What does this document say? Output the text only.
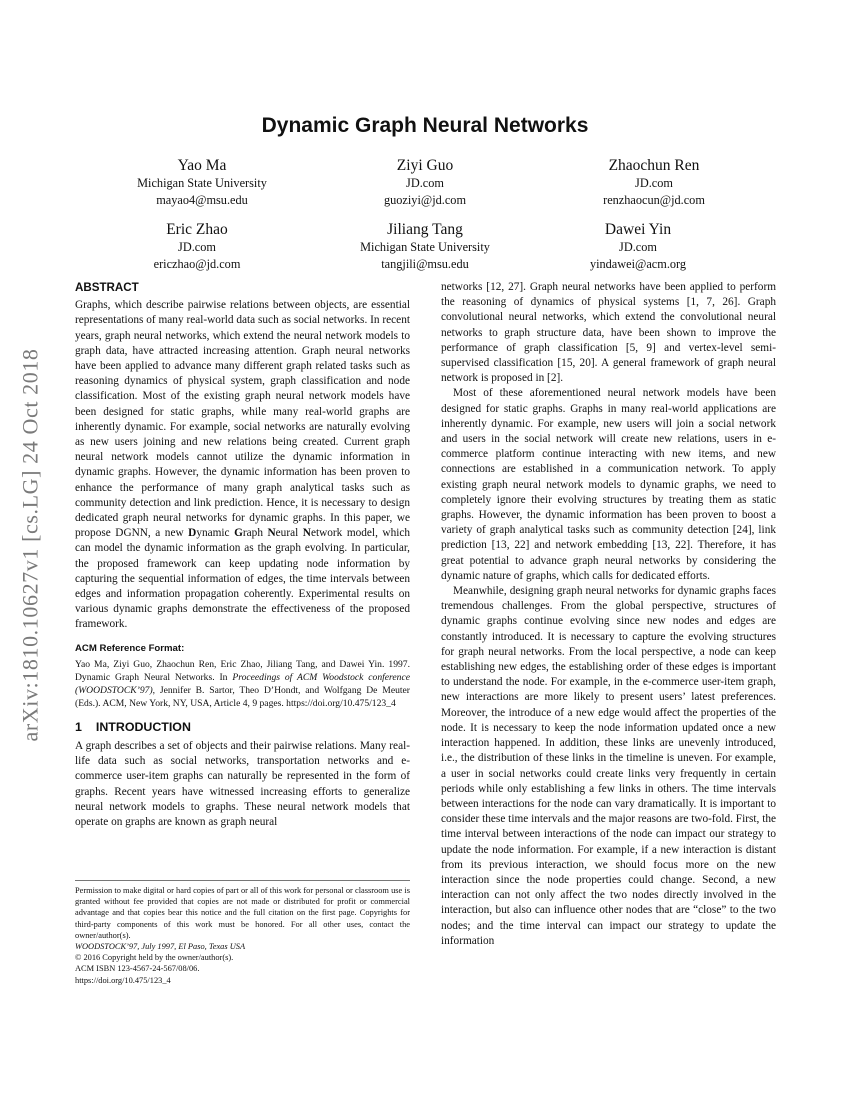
arXiv:1810.10627v1 [cs.LG] 24 Oct 2018
Dynamic Graph Neural Networks
Yao Ma
Michigan State University
mayao4@msu.edu
Ziyi Guo
JD.com
guoziyi@jd.com
Zhaochun Ren
JD.com
renzhaocun@jd.com
Eric Zhao
JD.com
ericzhao@jd.com
Jiliang Tang
Michigan State University
tangjili@msu.edu
Dawei Yin
JD.com
yindawei@acm.org
ABSTRACT

Graphs, which describe pairwise relations between objects, are essential representations of many real-world data such as social networks. In recent years, graph neural networks, which extend the neural network models to graph data, have attracted increasing attention. Graph neural networks have been applied to advance many different graph related tasks such as reasoning dynamics of physical system, graph classification and node classification. Most of the existing graph neural network models have been designed for static graphs, while many real-world graphs are inherently dynamic. For example, social networks are naturally evolving as new users joining and new relations being created. Current graph neural network models cannot utilize the dynamic information in dynamic graphs. However, the dynamic information has been proven to enhance the performance of many graph analytical tasks such as community detection and link prediction. Hence, it is necessary to design dedicated graph neural networks for dynamic graphs. In this paper, we propose DGNN, a new Dynamic Graph Neural Network model, which can model the dynamic information as the graph evolving. In particular, the proposed framework can keep updating node information by capturing the sequential information of edges, the time intervals between edges and information propagation coherently. Experimental results on various dynamic graphs demonstrate the effectiveness of the proposed framework.

ACM Reference Format:

Yao Ma, Ziyi Guo, Zhaochun Ren, Eric Zhao, Jiliang Tang, and Dawei Yin. 1997. Dynamic Graph Neural Networks. In Proceedings of ACM Woodstock conference (WOODSTOCK’97), Jennifer B. Sartor, Theo D’Hondt, and Wolfgang De Meuter (Eds.). ACM, New York, NY, USA, Article 4, 9 pages. https://doi.org/10.475/123_4

1 INTRODUCTION

A graph describes a set of objects and their pairwise relations. Many real-life data such as social networks, transportation networks and e-commerce user-item graphs can naturally be represented in the form of graphs. Recent years have witnessed increasing efforts to generalize neural network models to graphs. These neural network models that operate on graphs are known as graph neural

Permission to make digital or hard copies of part or all of this work for personal or classroom use is granted without fee provided that copies are not made or distributed for profit or commercial advantage and that copies bear this notice and the full citation on the first page. Copyrights for third-party components of this work must be honored. For all other uses, contact the owner/author(s).

WOODSTOCK’97, July 1997, El Paso, Texas USA

© 2016 Copyright held by the owner/author(s).

ACM ISBN 123-4567-24-567/08/06.

https://doi.org/10.475/123_4

networks [12, 27]. Graph neural networks have been applied to perform the reasoning of dynamics of physical systems [1, 7, 26]. Graph convolutional neural networks, which extend the convolutional neural networks to graph structure data, have been shown to improve the performance of graph classification [5, 9] and vertex-level semi-supervised classification [15, 20]. A general framework of graph neural network is proposed in [2].

Most of these aforementioned neural network models have been designed for static graphs. Graphs in many real-world applications are inherently dynamic. For example, new users will join a social network and users in the social network will create new relations, users in e-commerce platform continue interacting with new items, and new connections are established in a communication network. To apply existing graph neural network models to dynamic graphs, we need to completely ignore their evolving structures by treating them as static graphs. However, the dynamic information has been proven to boost a variety of graph analytical tasks such as community detection [24], link prediction [13, 22] and network embedding [13, 22]. Therefore, it has great potential to advance graph neural networks by considering the dynamic nature of graphs, which calls for dedicated efforts.

Meanwhile, designing graph neural networks for dynamic graphs faces tremendous challenges. From the global perspective, structures of dynamic graphs continue evolving since new nodes and edges are constantly introduced. It is necessary to capture the evolving structures for graph neural networks. From the local perspective, a node can keep establishing new edges, the establishing order of these edges is important to understand the node. For example, in the e-commerce user-item graph, new interactions are more likely to present users’ latest preferences. Moreover, the introduce of a new edge would affect the properties of the node. It is necessary to keep the node information updated once a new interaction happened. In addition, these links are unevenly introduced, i.e., the distribution of these links in the timeline is uneven. For example, a user in social networks could create links very frequently in certain periods while only establishing a few links in others. The time intervals between interactions for the node can vary dramatically. It is important to consider these time intervals and the major reasons are two-fold. First, the time interval between interactions of the node can impact our strategy to update the node information. For example, if a new interaction is distant from its previous interaction, we should focus more on the new interaction since the node properties could change. Second, a new interaction can not only affect the two nodes directly involved in the interaction, but also can influence other nodes that are “close” to the two nodes; and the time interval can impact our strategy to update the information
